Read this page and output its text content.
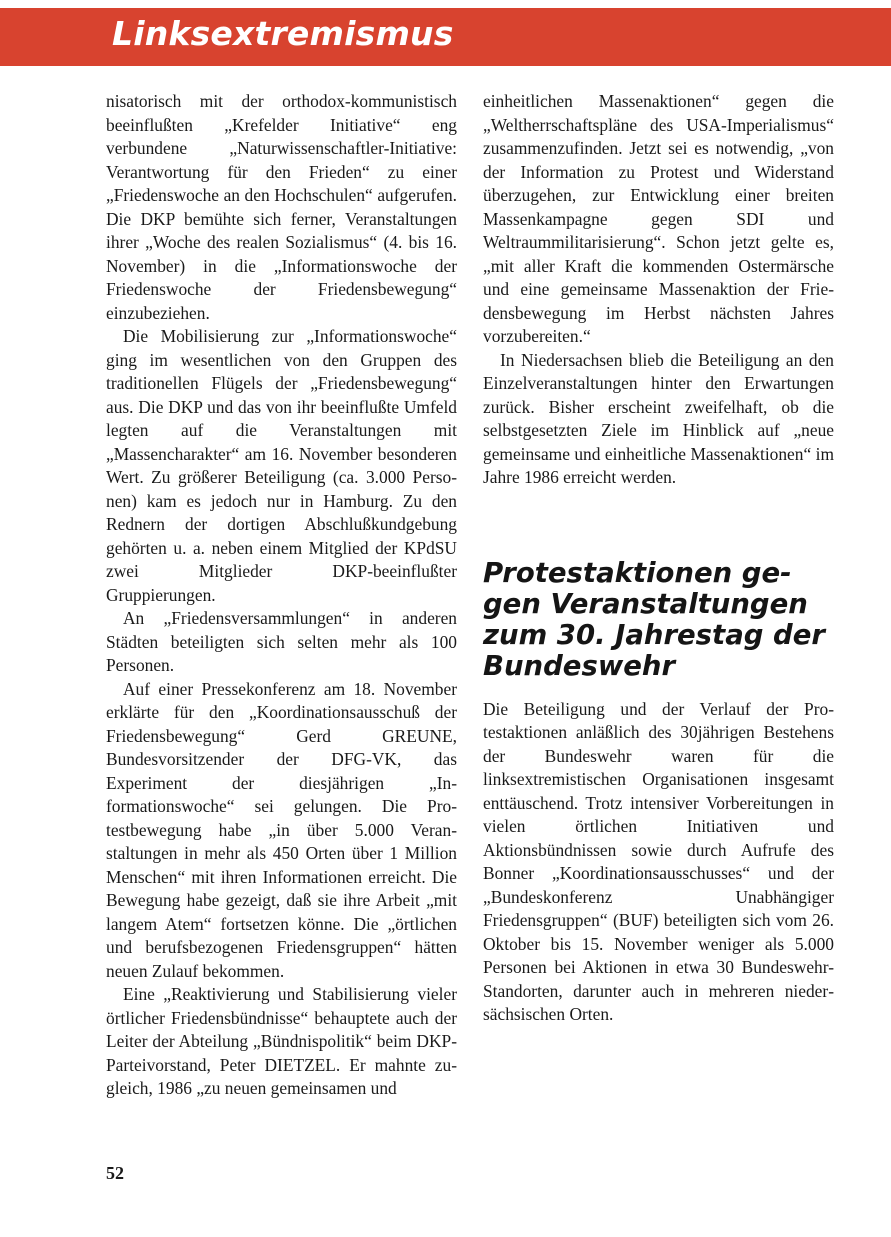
Linksextremismus

nisatorisch mit der orthodox-kommunistisch beeinflußten „Krefelder Initiative“ eng verbundene „Naturwissenschaftler-Initiative: Verantwortung für den Frieden“ zu einer „Friedenswoche an den Hochschulen“ aufgerufen. Die DKP bemühte sich ferner, Veranstaltungen ihrer „Woche des realen Sozialismus“ (4. bis 16. November) in die „Informationswoche der Friedenswoche der Friedensbewegung“ einzubeziehen.

Die Mobilisierung zur „Informationswoche“ ging im wesentlichen von den Gruppen des traditionellen Flügels der „Friedensbewegung“ aus. Die DKP und das von ihr beeinflußte Umfeld legten auf die Veranstaltungen mit „Massencharakter“ am 16. November besonderen Wert. Zu größerer Beteiligung (ca. 3.000 Personen) kam es jedoch nur in Hamburg. Zu den Rednern der dortigen Abschlußkundgebung gehörten u. a. neben einem Mitglied der KPdSU zwei Mitglieder DKP-beeinflußter Gruppierungen.

An „Friedensversammlungen“ in anderen Städten beteiligten sich selten mehr als 100 Personen.

Auf einer Pressekonferenz am 18. November erklärte für den „Koordinationsausschuß der Friedensbewegung“ Gerd GREUNE, Bundesvorsitzender der DFG-VK, das Experiment der diesjährigen „Informationswoche“ sei gelungen. Die Protestbewegung habe „in über 5.000 Veranstaltungen in mehr als 450 Orten über 1 Million Menschen“ mit ihren Informationen erreicht. Die Bewegung habe gezeigt, daß sie ihre Arbeit „mit langem Atem“ fortsetzen könne. Die „örtlichen und berufsbezogenen Friedensgruppen“ hätten neuen Zulauf bekommen.

Eine „Reaktivierung und Stabilisierung vieler örtlicher Friedensbündnisse“ behauptete auch der Leiter der Abteilung „Bündnispolitik“ beim DKP-Parteivorstand, Peter DIETZEL. Er mahnte zugleich, 1986 „zu neuen gemeinsamen und

einheitlichen Massenaktionen“ gegen die „Weltherrschaftspläne des USA-Imperialismus“ zusammenzufinden. Jetzt sei es notwendig, „von der Information zu Protest und Widerstand überzugehen, zur Entwicklung einer breiten Massenkampagne gegen SDI und Weltraummilitarisierung“. Schon jetzt gelte es, „mit aller Kraft die kommenden Ostermärsche und eine gemeinsame Massenaktion der Friedensbewegung im Herbst nächsten Jahres vorzubereiten.“

In Niedersachsen blieb die Beteiligung an den Einzelveranstaltungen hinter den Erwartungen zurück. Bisher erscheint zweifelhaft, ob die selbstgesetzten Ziele im Hinblick auf „neue gemeinsame und einheitliche Massenaktionen“ im Jahre 1986 erreicht werden.

Protestaktionen gegen Veranstaltungen zum 30. Jahrestag der Bundeswehr

Die Beteiligung und der Verlauf der Protestaktionen anläßlich des 30jährigen Bestehens der Bundeswehr waren für die linksextremistischen Organisationen insgesamt enttäuschend. Trotz intensiver Vorbereitungen in vielen örtlichen Initiativen und Aktionsbündnissen sowie durch Aufrufe des Bonner „Koordinationsausschusses“ und der „Bundeskonferenz Unabhängiger Friedensgruppen“ (BUF) beteiligten sich vom 26. Oktober bis 15. November weniger als 5.000 Personen bei Aktionen in etwa 30 Bundeswehr-Standorten, darunter auch in mehreren niedersächsischen Orten.

52
